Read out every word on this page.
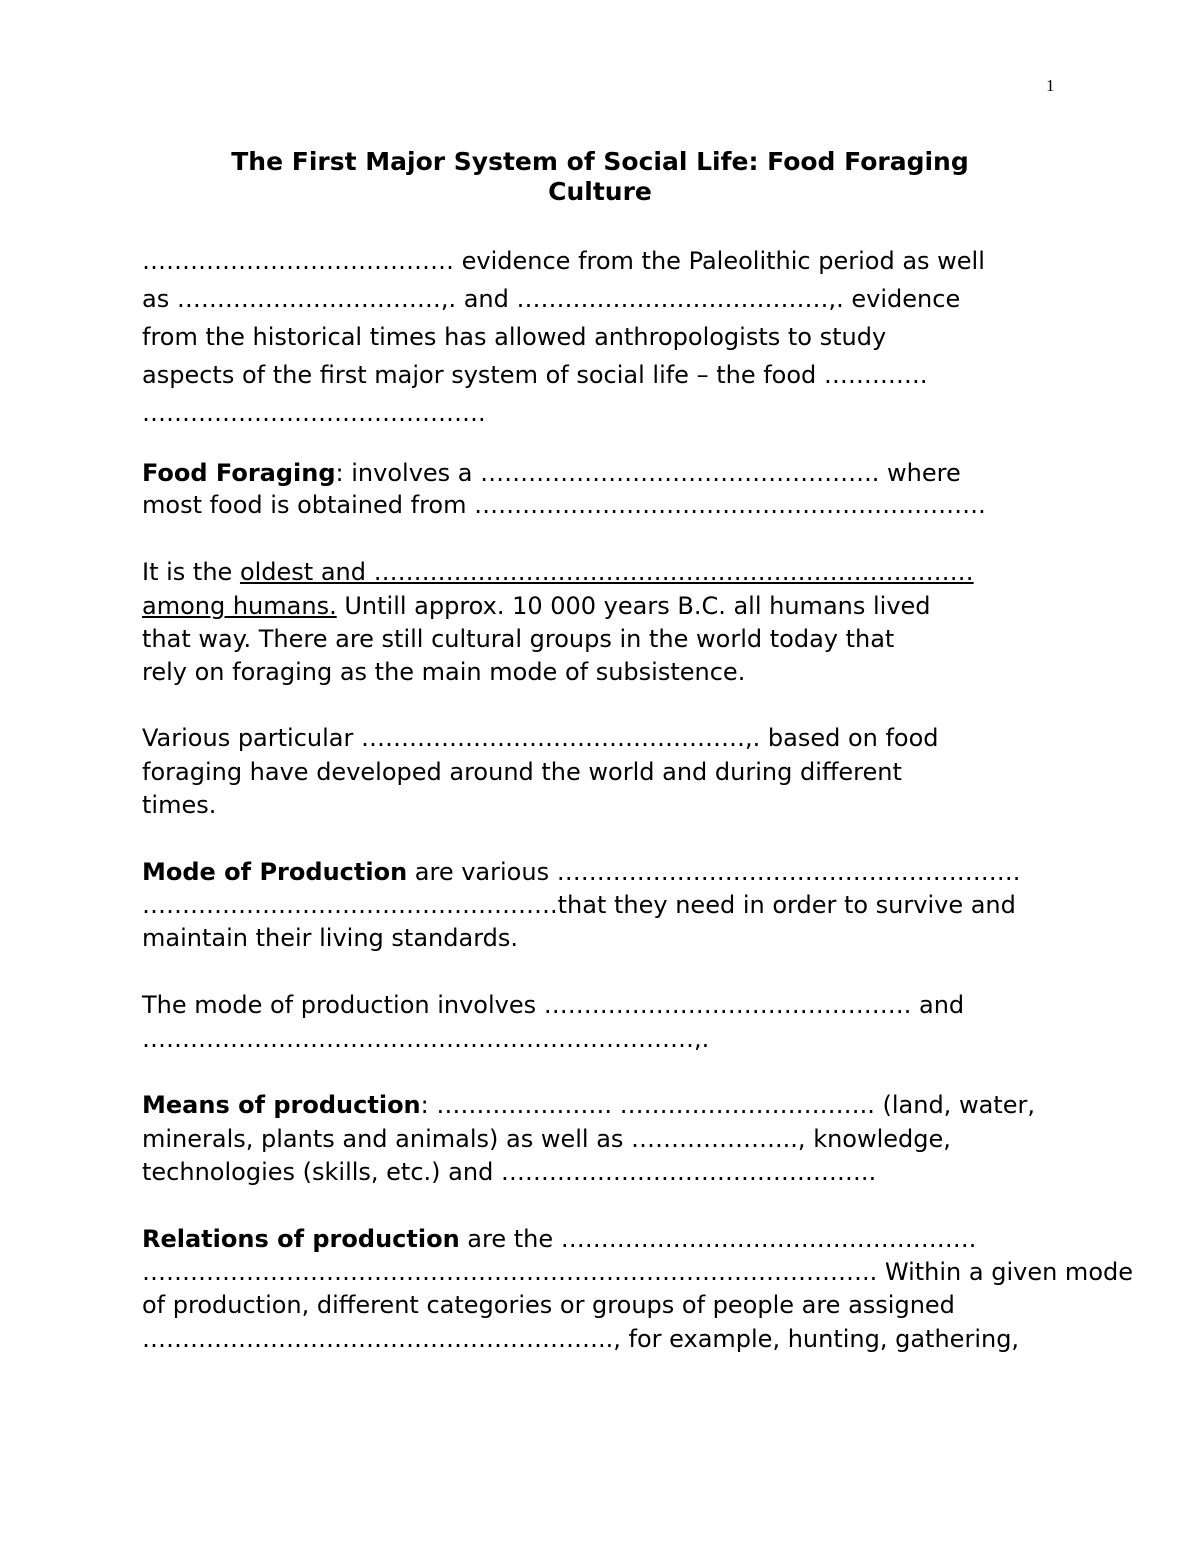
1
The First Major System of Social Life: Food Foraging
Culture
………………………………… evidence from the Paleolithic period as well
as ……………………………,. and …………………………………,. evidence
from the historical times has allowed anthropologists to study
aspects of the first major system of social life – the food ………….
…………………………………….
Food Foraging: involves a ………………………………………….. where
most food is obtained from ……………………………………………………….
It is the oldest and …………………………………………………………………
among humans. Untill approx. 10 000 years B.C. all humans lived
that way. There are still cultural groups in the world today that
rely on foraging as the main mode of subsistence.
Various particular …………………………………………,. based on food
foraging have developed around the world and during different
times.
Mode of Production are various ………………………………………………….
…………………………………………….that they need in order to survive and
maintain their living standards.
The mode of production involves ………………………………………. and
……………………………………………………………,.
Means of production: …………………. ………………………….. (land, water,
minerals, plants and animals) as well as ………………..., knowledge,
technologies (skills, etc.) and ………………………………………..
Relations of production are the …………………………………………….
……………………………………………………………………………….. Within a given mode
of production, different categories or groups of people are assigned
………………………………………………….., for example, hunting, gathering,
